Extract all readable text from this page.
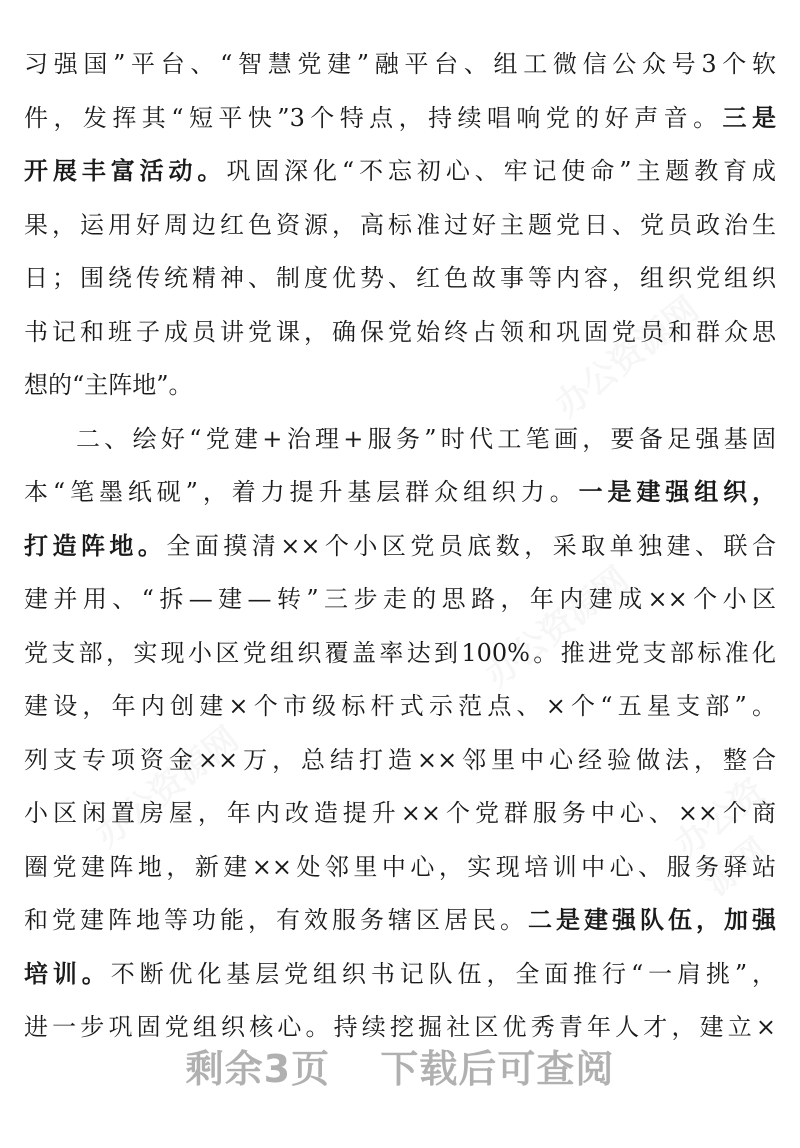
习强国”平台、“智慧党建”融平台、组工微信公众号3个软
件，发挥其“短平快”3个特点，持续唱响党的好声音。三是
开展丰富活动。巩固深化“不忘初心、牢记使命”主题教育成
果，运用好周边红色资源，高标准过好主题党日、党员政治生
日；围绕传统精神、制度优势、红色故事等内容，组织党组织
书记和班子成员讲党课，确保党始终占领和巩固党员和群众思
想的“主阵地”。
二、绘好“党建+治理+服务”时代工笔画，要备足强基固
本“笔墨纸砚”，着力提升基层群众组织力。一是建强组织，
打造阵地。全面摸清××个小区党员底数，采取单独建、联合
建并用、“拆—建—转”三步走的思路，年内建成××个小区
党支部，实现小区党组织覆盖率达到100%。推进党支部标准化
建设，年内创建×个市级标杆式示范点、×个“五星支部”。
列支专项资金××万，总结打造××邻里中心经验做法，整合
小区闲置房屋，年内改造提升××个党群服务中心、××个商
圈党建阵地，新建××处邻里中心，实现培训中心、服务驿站
和党建阵地等功能，有效服务辖区居民。二是建强队伍，加强
培训。不断优化基层党组织书记队伍，全面推行“一肩挑”，
进一步巩固党组织核心。持续挖掘社区优秀青年人才，建立×
剩余3页 下载后可查阅
